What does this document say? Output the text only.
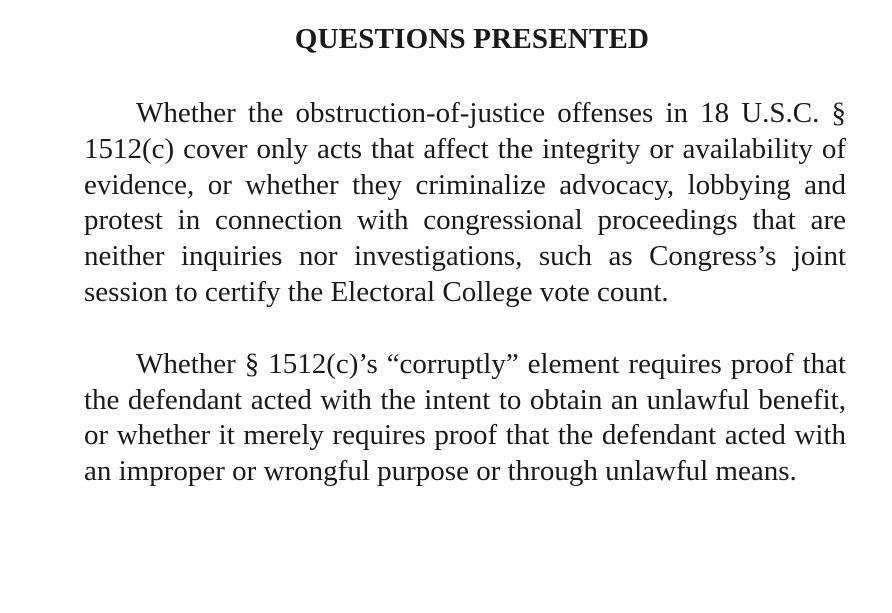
QUESTIONS PRESENTED

Whether the obstruction-of-justice offenses in 18 U.S.C. § 1512(c) cover only acts that affect the integrity or availability of evidence, or whether they criminalize advocacy, lobbying and protest in connection with congressional proceedings that are neither inquiries nor investigations, such as Congress’s joint session to certify the Electoral College vote count.

Whether § 1512(c)’s “corruptly” element requires proof that the defendant acted with the intent to obtain an unlawful benefit, or whether it merely requires proof that the defendant acted with an improper or wrongful purpose or through unlawful means.
